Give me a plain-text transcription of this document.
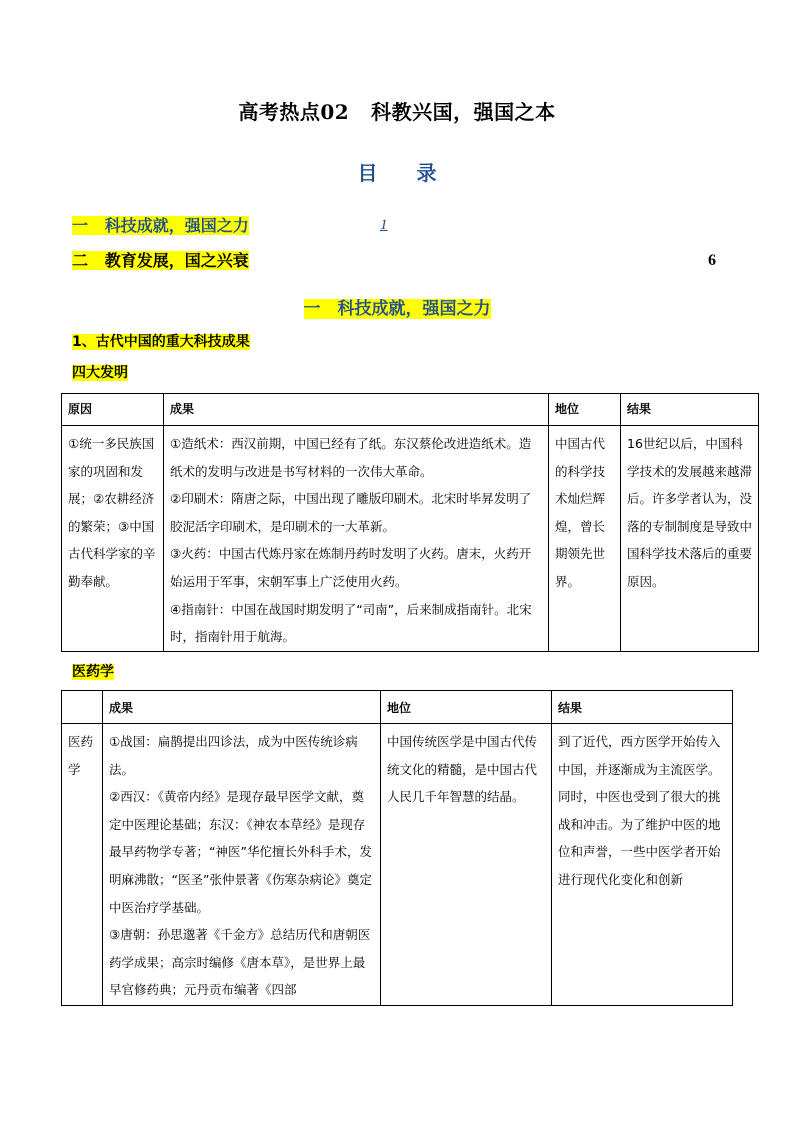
高考热点02 科教兴国，强国之本
目 录
一 科技成就，强国之力	1
二 教育发展，国之兴衰	6
一　科技成就，强国之力
1、古代中国的重大科技成果
四大发明
原因	成果	地位	结果
①统一多民族国家的巩固和发展；②农耕经济的繁荣；③中国古代科学家的辛勤奉献。	①造纸术：西汉前期，中国已经有了纸。东汉蔡伦改进造纸术。造纸术的发明与改进是书写材料的一次伟大革命。
②印刷术：隋唐之际，中国出现了雕版印刷术。北宋时毕昇发明了胶泥活字印刷术，是印刷术的一大革新。
③火药：中国古代炼丹家在炼制丹药时发明了火药。唐末，火药开始运用于军事，宋朝军事上广泛使用火药。
④指南针：中国在战国时期发明了“司南”，后来制成指南针。北宋时，指南针用于航海。	中国古代的科学技术灿烂辉煌，曾长期领先世界。	16世纪以后，中国科学技术的发展越来越滞后。许多学者认为，没落的专制制度是导致中国科学技术落后的重要原因。
医药学
	成果	地位	结果
医药学	①战国：扁鹊提出四诊法，成为中医传统诊病法。
②西汉：《黄帝内经》是现存最早医学文献，奠定中医理论基础；东汉：《神农本草经》是现存最早药物学专著；“神医”华佗擅长外科手术，发明麻沸散；“医圣”张仲景著《伤寒杂病论》奠定中医治疗学基础。
③唐朝：孙思邈著《千金方》总结历代和唐朝医药学成果；高宗时编修《唐本草》，是世界上最早官修药典；元丹贡布编著《四部	中国传统医学是中国古代传统文化的精髓，是中国古代人民几千年智慧的结晶。	到了近代，西方医学开始传入中国，并逐渐成为主流医学。同时，中医也受到了很大的挑战和冲击。为了维护中医的地位和声誉，一些中医学者开始进行现代化变化和创新
